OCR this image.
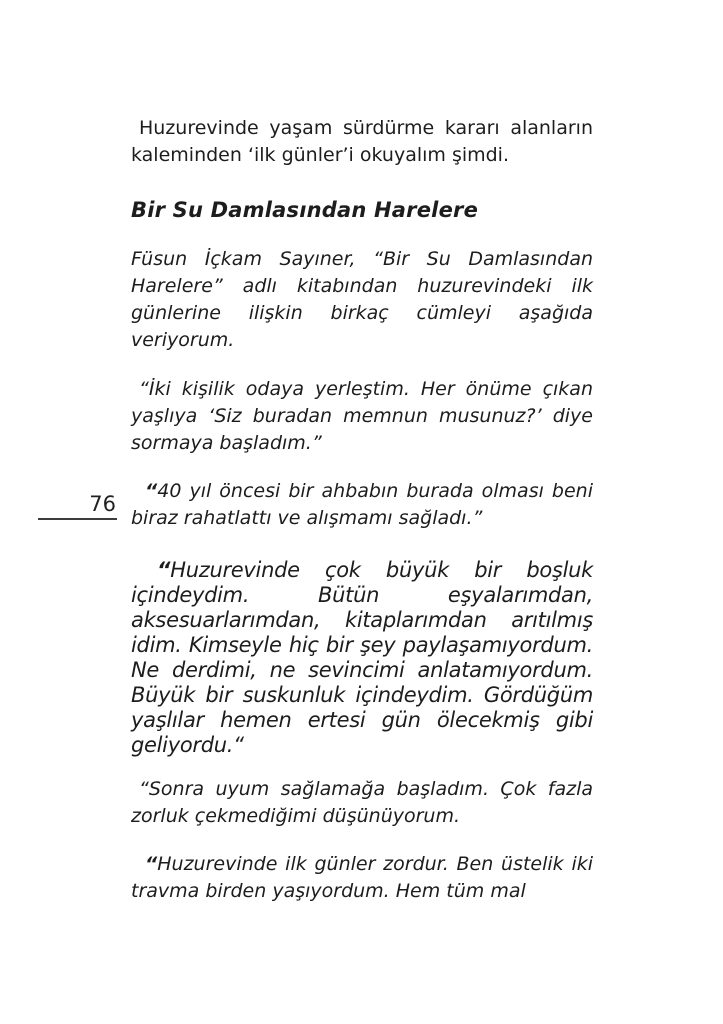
76

Huzurevinde yaşam sürdürme kararı alanların kaleminden ‘ilk günler’i okuyalım şimdi.

Bir Su Damlasından Harelere

Füsun İçkam Sayıner, “Bir Su Damlasından Harelere” adlı kitabından huzurevindeki ilk günlerine ilişkin birkaç cümleyi aşağıda veriyorum.

“İki kişilik odaya yerleştim. Her önüme çıkan yaşlıya ‘Siz buradan memnun musunuz?’ diye sormaya başladım.”

“40 yıl öncesi bir ahbabın burada olması beni biraz rahatlattı ve alışmamı sağladı.”

“Huzurevinde çok büyük bir boşluk içindeydim. Bütün eşyalarımdan, aksesuarlarımdan, kitaplarımdan arıtılmış idim. Kimseyle hiç bir şey paylaşamıyordum. Ne derdimi, ne sevincimi anlatamıyordum. Büyük bir suskunluk içindeydim. Gördüğüm yaşlılar hemen ertesi gün ölecekmiş gibi geliyordu.“

“Sonra uyum sağlamağa başladım. Çok fazla zorluk çekmediğimi düşünüyorum.

“Huzurevinde ilk günler zordur. Ben üstelik iki travma birden yaşıyordum. Hem tüm mal
